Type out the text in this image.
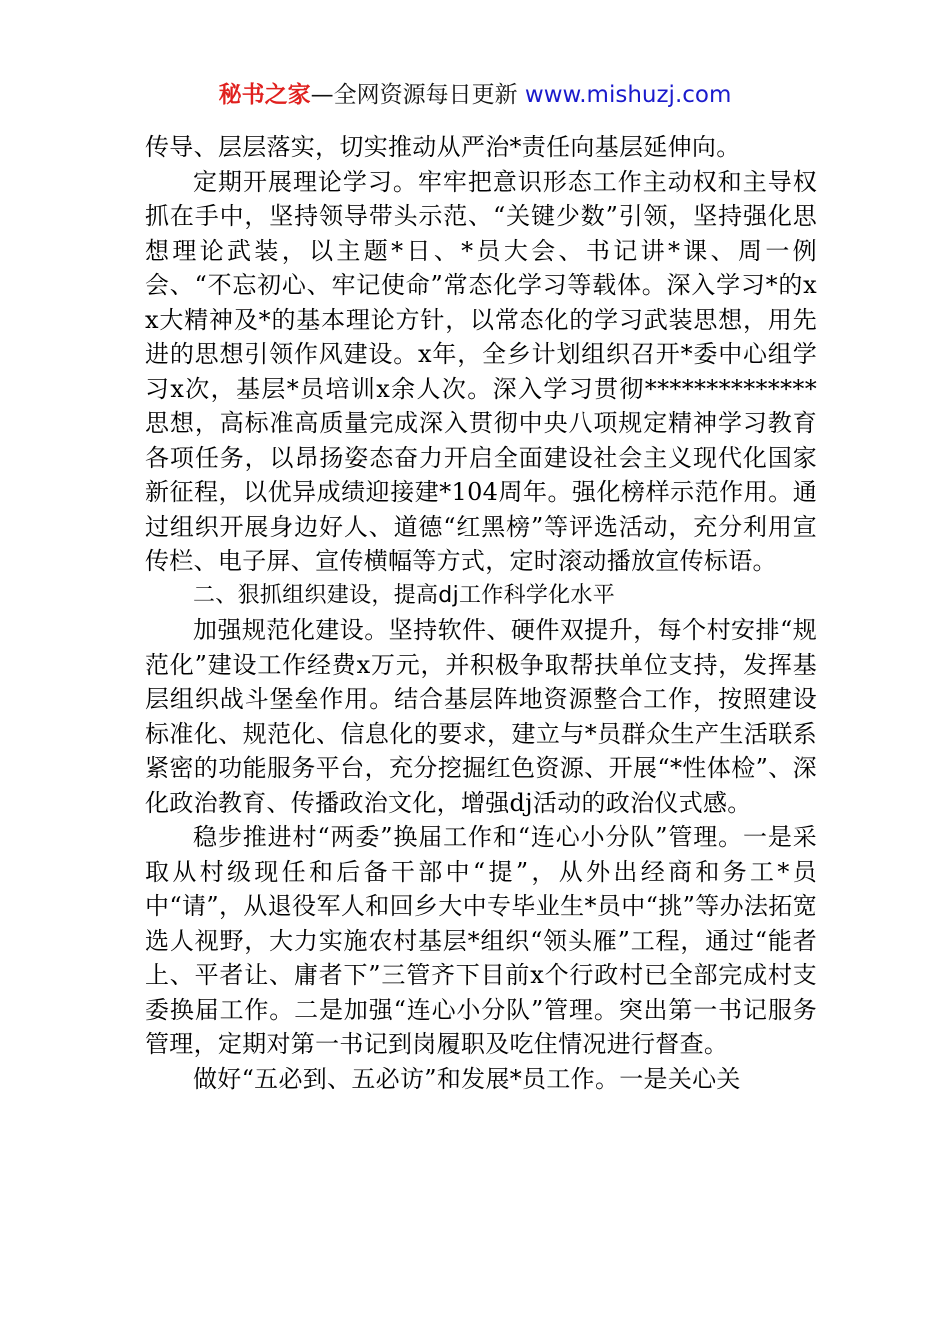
秘书之家—全网资源每日更新 www.mishuzj.com

传导、层层落实，切实推动从严治*责任向基层延伸向。

定期开展理论学习。牢牢把意识形态工作主动权和主导权抓在手中，坚持领导带头示范、“关键少数”引领，坚持强化思想理论武装，以主题*日、*员大会、书记讲*课、周一例会、“不忘初心、牢记使命”常态化学习等载体。深入学习*的xx大精神及*的基本理论方针，以常态化的学习武装思想，用先进的思想引领作风建设。x年，全乡计划组织召开*委中心组学习x次，基层*员培训x余人次。深入学习贯彻**************思想，高标准高质量完成深入贯彻中央八项规定精神学习教育各项任务，以昂扬姿态奋力开启全面建设社会主义现代化国家新征程，以优异成绩迎接建*104周年。强化榜样示范作用。通过组织开展身边好人、道德“红黑榜”等评选活动，充分利用宣传栏、电子屏、宣传横幅等方式，定时滚动播放宣传标语。

二、狠抓组织建设，提高dj工作科学化水平

加强规范化建设。坚持软件、硬件双提升，每个村安排“规范化”建设工作经费x万元，并积极争取帮扶单位支持，发挥基层组织战斗堡垒作用。结合基层阵地资源整合工作，按照建设标准化、规范化、信息化的要求，建立与*员群众生产生活联系紧密的功能服务平台，充分挖掘红色资源、开展“*性体检”、深化政治教育、传播政治文化，增强dj活动的政治仪式感。

稳步推进村“两委”换届工作和“连心小分队”管理。一是采取从村级现任和后备干部中“提”，从外出经商和务工*员中“请”，从退役军人和回乡大中专毕业生*员中“挑”等办法拓宽选人视野，大力实施农村基层*组织“领头雁”工程，通过“能者上、平者让、庸者下”三管齐下目前x个行政村已全部完成村支委换届工作。二是加强“连心小分队”管理。突出第一书记服务管理，定期对第一书记到岗履职及吃住情况进行督查。

做好“五必到、五必访”和发展*员工作。一是关心关
